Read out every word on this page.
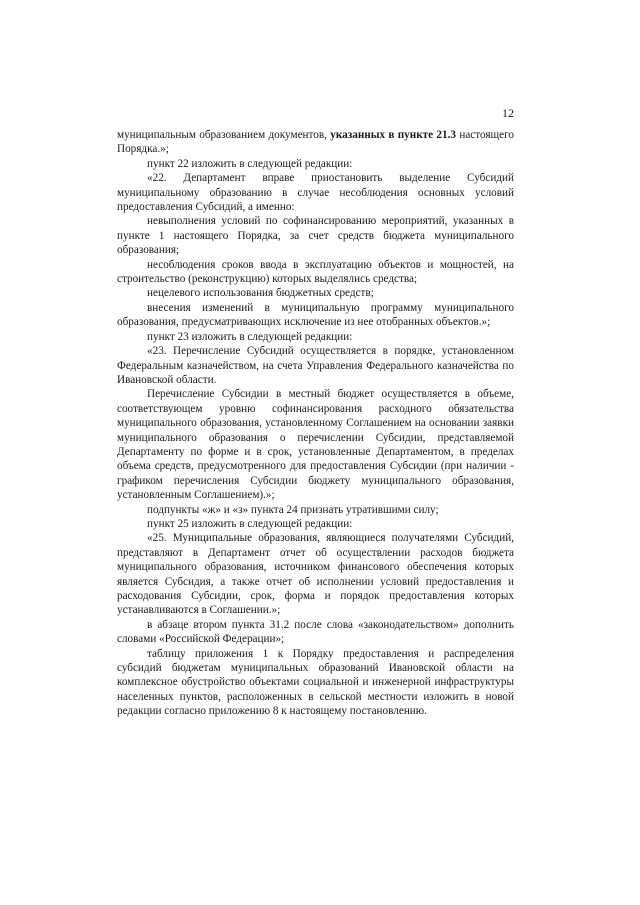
12

муниципальным образованием документов, указанных в пункте 21.3 настоящего Порядка.»;

пункт 22 изложить в следующей редакции:

«22. Департамент вправе приостановить выделение Субсидий муниципальному образованию в случае несоблюдения основных условий предоставления Субсидий, а именно:

невыполнения условий по софинансированию мероприятий, указанных в пункте 1 настоящего Порядка, за счет средств бюджета муниципального образования;

несоблюдения сроков ввода в эксплуатацию объектов и мощностей, на строительство (реконструкцию) которых выделялись средства;

нецелевого использования бюджетных средств;

внесения изменений в муниципальную программу муниципального образования, предусматривающих исключение из нее отобранных объектов.»;

пункт 23 изложить в следующей редакции:

«23. Перечисление Субсидий осуществляется в порядке, установленном Федеральным казначейством, на счета Управления Федерального казначейства по Ивановской области.

Перечисление Субсидии в местный бюджет осуществляется в объеме, соответствующем уровню софинансирования расходного обязательства муниципального образования, установленному Соглашением на основании заявки муниципального образования о перечислении Субсидии, представляемой Департаменту по форме и в срок, установленные Департаментом, в пределах объема средств, предусмотренного для предоставления Субсидии (при наличии - графиком перечисления Субсидии бюджету муниципального образования, установленным Соглашением).»;

подпункты «ж» и «з» пункта 24 признать утратившими силу;

пункт 25 изложить в следующей редакции:

«25. Муниципальные образования, являющиеся получателями Субсидий, представляют в Департамент отчет об осуществлении расходов бюджета муниципального образования, источником финансового обеспечения которых является Субсидия, а также отчет об исполнении условий предоставления и расходования Субсидии, срок, форма и порядок предоставления которых устанавливаются в Соглашении.»;

в абзаце втором пункта 31.2 после слова «законодательством» дополнить словами «Российской Федерации»;

таблицу приложения 1 к Порядку предоставления и распределения субсидий бюджетам муниципальных образований Ивановской области на комплексное обустройство объектами социальной и инженерной инфраструктуры населенных пунктов, расположенных в сельской местности изложить в новой редакции согласно приложению 8 к настоящему постановлению.
